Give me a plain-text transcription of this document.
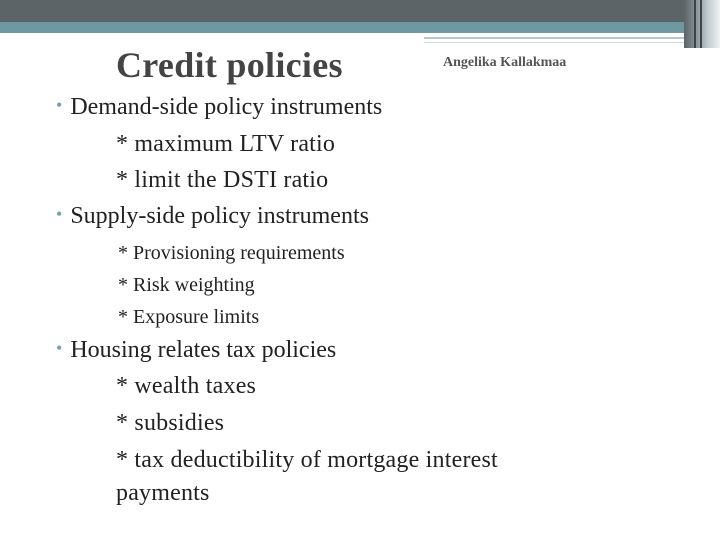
Credit policies	Angelika Kallakmaa
• Demand-side policy instruments
* maximum LTV ratio
* limit the DSTI ratio
• Supply-side policy instruments
* Provisioning requirements
* Risk weighting
* Exposure limits
• Housing relates tax policies
* wealth taxes
* subsidies
* tax deductibility of mortgage interest
payments
